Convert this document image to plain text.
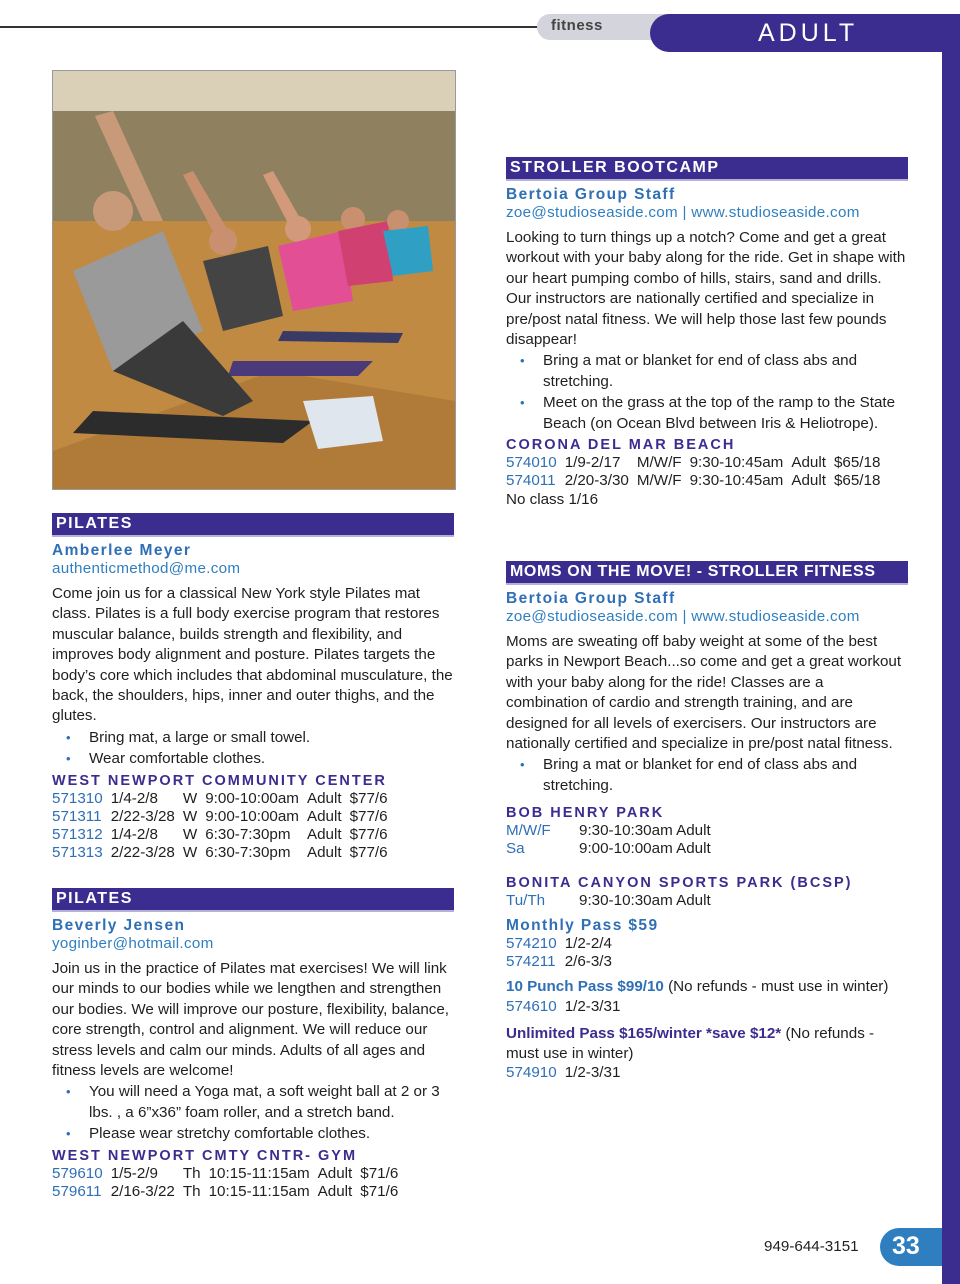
fitness	ADULT
PILATES
Amberlee Meyer
authenticmethod@me.com

Come join us for a classical New York style Pilates mat class. Pilates is a full body exercise program that restores muscular balance, builds strength and flexibility, and improves body alignment and posture. Pilates targets the body’s core which includes that abdominal musculature, the back, the shoulders, hips, inner and outer thighs, and the glutes.

• Bring mat, a large or small towel.
• Wear comfortable clothes.
WEST NEWPORT COMMUNITY CENTER
571310	1/4-2/8	W	9:00-10:00am	Adult	$77/6
571311	2/22-3/28	W	9:00-10:00am	Adult	$77/6
571312	1/4-2/8	W	6:30-7:30pm	Adult	$77/6
571313	2/22-3/28	W	6:30-7:30pm	Adult	$77/6
PILATES
Beverly Jensen
yoginber@hotmail.com

Join us in the practice of Pilates mat exercises! We will link our minds to our bodies while we lengthen and strengthen our bodies. We will improve our posture, flexibility, balance, core strength, control and alignment. We will reduce our stress levels and calm our minds. Adults of all ages and fitness levels are welcome!

• You will need a Yoga mat, a soft weight ball at 2 or 3 lbs. , a 6”x36” foam roller, and a stretch band.
• Please wear stretchy comfortable clothes.
WEST NEWPORT CMTY CNTR- GYM
579610	1/5-2/9	Th	10:15-11:15am	Adult	$71/6
579611	2/16-3/22	Th	10:15-11:15am	Adult	$71/6
STROLLER BOOTCAMP
Bertoia Group Staff
zoe@studioseaside.com | www.studioseaside.com

Looking to turn things up a notch? Come and get a great workout with your baby along for the ride. Get in shape with our heart pumping combo of hills, stairs, sand and drills. Our instructors are nationally certified and specialize in pre/post natal fitness. We will help those last few pounds disappear!

• Bring a mat or blanket for end of class abs and stretching.
• Meet on the grass at the top of the ramp to the State Beach (on Ocean Blvd between Iris & Heliotrope).
CORONA DEL MAR BEACH
574010	1/9-2/17	M/W/F	9:30-10:45am	Adult	$65/18
574011	2/20-3/30	M/W/F	9:30-10:45am	Adult	$65/18
No class 1/16
MOMS ON THE MOVE! - STROLLER FITNESS
Bertoia Group Staff
zoe@studioseaside.com | www.studioseaside.com

Moms are sweating off baby weight at some of the best parks in Newport Beach...so come and get a great workout with your baby along for the ride! Classes are a combination of cardio and strength training, and are designed for all levels of exercisers. Our instructors are nationally certified and specialize in pre/post natal fitness.

• Bring a mat or blanket for end of class abs and stretching.
BOB HENRY PARK
M/W/F	9:30-10:30am Adult
Sa	9:00-10:00am Adult
BONITA CANYON SPORTS PARK (BCSP)
Tu/Th	9:30-10:30am Adult
Monthly Pass $59
574210	1/2-2/4
574211	2/6-3/3
10 Punch Pass $99/10 (No refunds - must use in winter)
574610	1/2-3/31
Unlimited Pass $165/winter *save $12* (No refunds - must use in winter)
574910	1/2-3/31
949-644-3151 33
